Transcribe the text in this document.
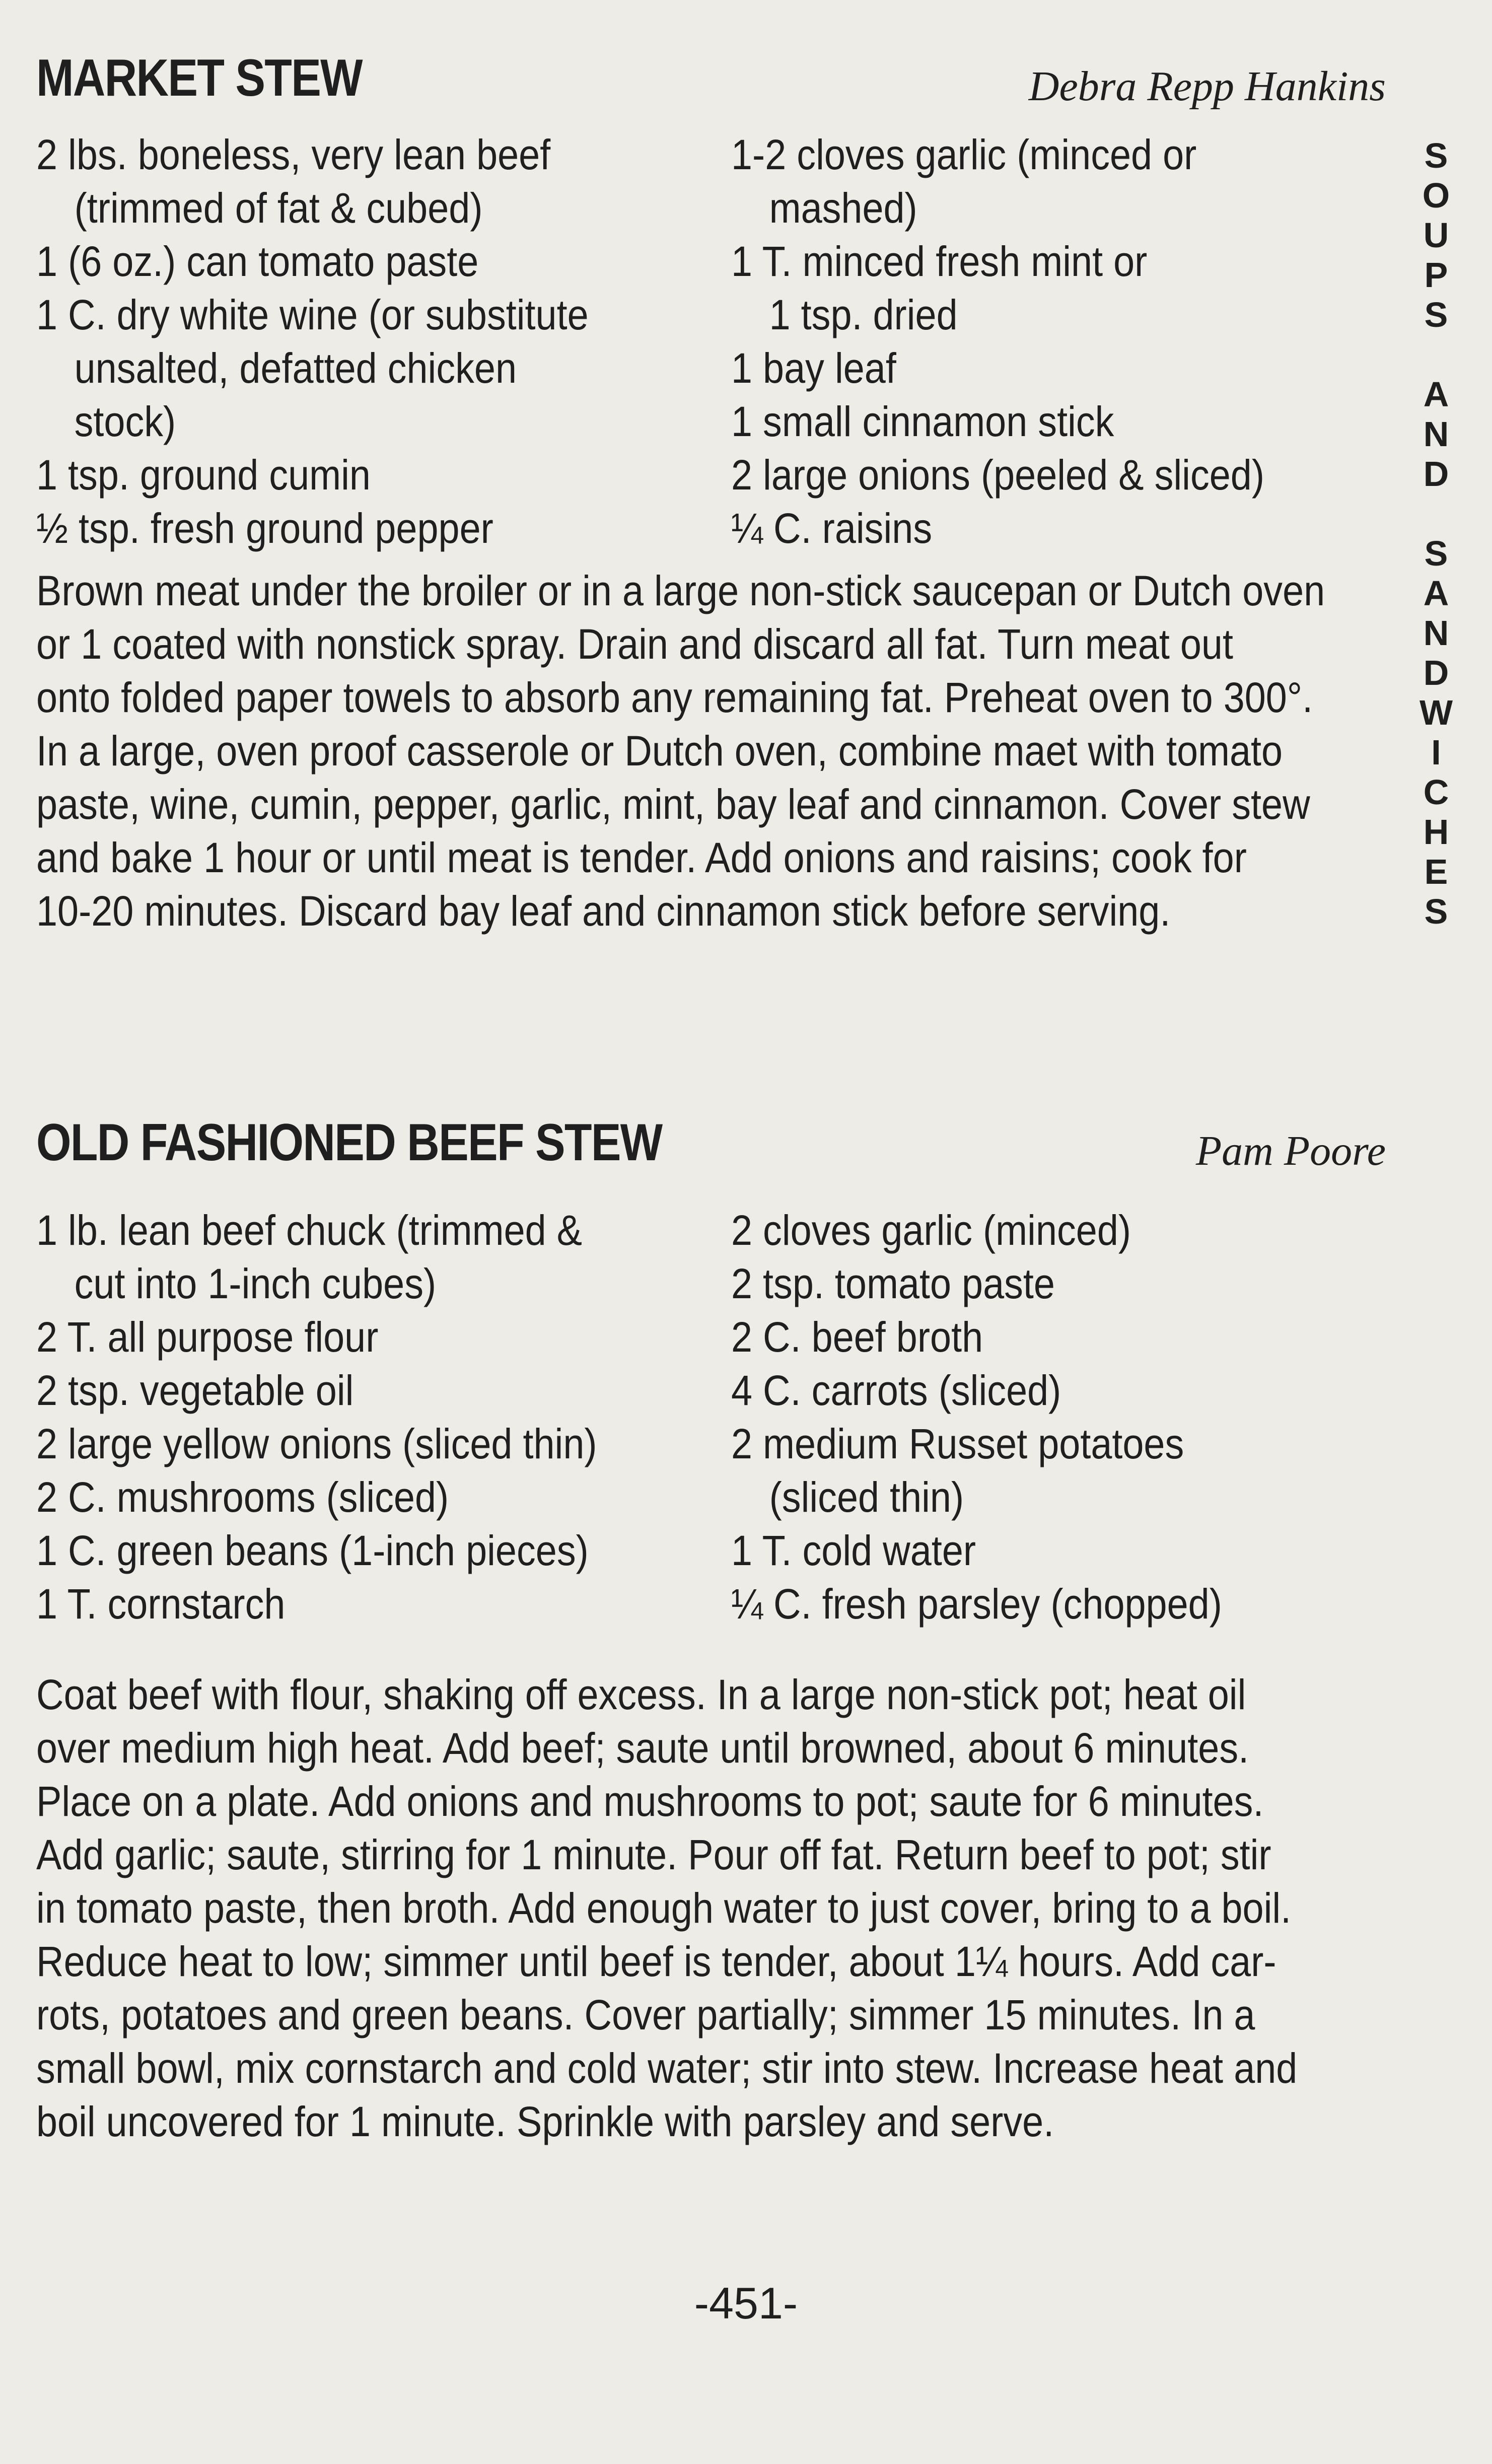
MARKET STEW	Debra Repp Hankins
2 lbs. boneless, very lean beef
(trimmed of fat & cubed)
1 (6 oz.) can tomato paste
1 C. dry white wine (or substitute
unsalted, defatted chicken
stock)
1 tsp. ground cumin
½ tsp. fresh ground pepper
1-2 cloves garlic (minced or
mashed)
1 T. minced fresh mint or
1 tsp. dried
1 bay leaf
1 small cinnamon stick
2 large onions (peeled & sliced)
¼ C. raisins
Brown meat under the broiler or in a large non-stick saucepan or Dutch oven
or 1 coated with nonstick spray. Drain and discard all fat. Turn meat out
onto folded paper towels to absorb any remaining fat. Preheat oven to 300°.
In a large, oven proof casserole or Dutch oven, combine maet with tomato
paste, wine, cumin, pepper, garlic, mint, bay leaf and cinnamon. Cover stew
and bake 1 hour or until meat is tender. Add onions and raisins; cook for
10-20 minutes. Discard bay leaf and cinnamon stick before serving.
OLD FASHIONED BEEF STEW	Pam Poore
1 lb. lean beef chuck (trimmed &
cut into 1-inch cubes)
2 T. all purpose flour
2 tsp. vegetable oil
2 large yellow onions (sliced thin)
2 C. mushrooms (sliced)
1 C. green beans (1-inch pieces)
1 T. cornstarch
2 cloves garlic (minced)
2 tsp. tomato paste
2 C. beef broth
4 C. carrots (sliced)
2 medium Russet potatoes
(sliced thin)
1 T. cold water
¼ C. fresh parsley (chopped)
Coat beef with flour, shaking off excess. In a large non-stick pot; heat oil
over medium high heat. Add beef; saute until browned, about 6 minutes.
Place on a plate. Add onions and mushrooms to pot; saute for 6 minutes.
Add garlic; saute, stirring for 1 minute. Pour off fat. Return beef to pot; stir
in tomato paste, then broth. Add enough water to just cover, bring to a boil.
Reduce heat to low; simmer until beef is tender, about 1¼ hours. Add car-
rots, potatoes and green beans. Cover partially; simmer 15 minutes. In a
small bowl, mix cornstarch and cold water; stir into stew. Increase heat and
boil uncovered for 1 minute. Sprinkle with parsley and serve.
S
O
U
P
S

A
N
D

S
A
N
D
W
I
C
H
E
S
-451-
